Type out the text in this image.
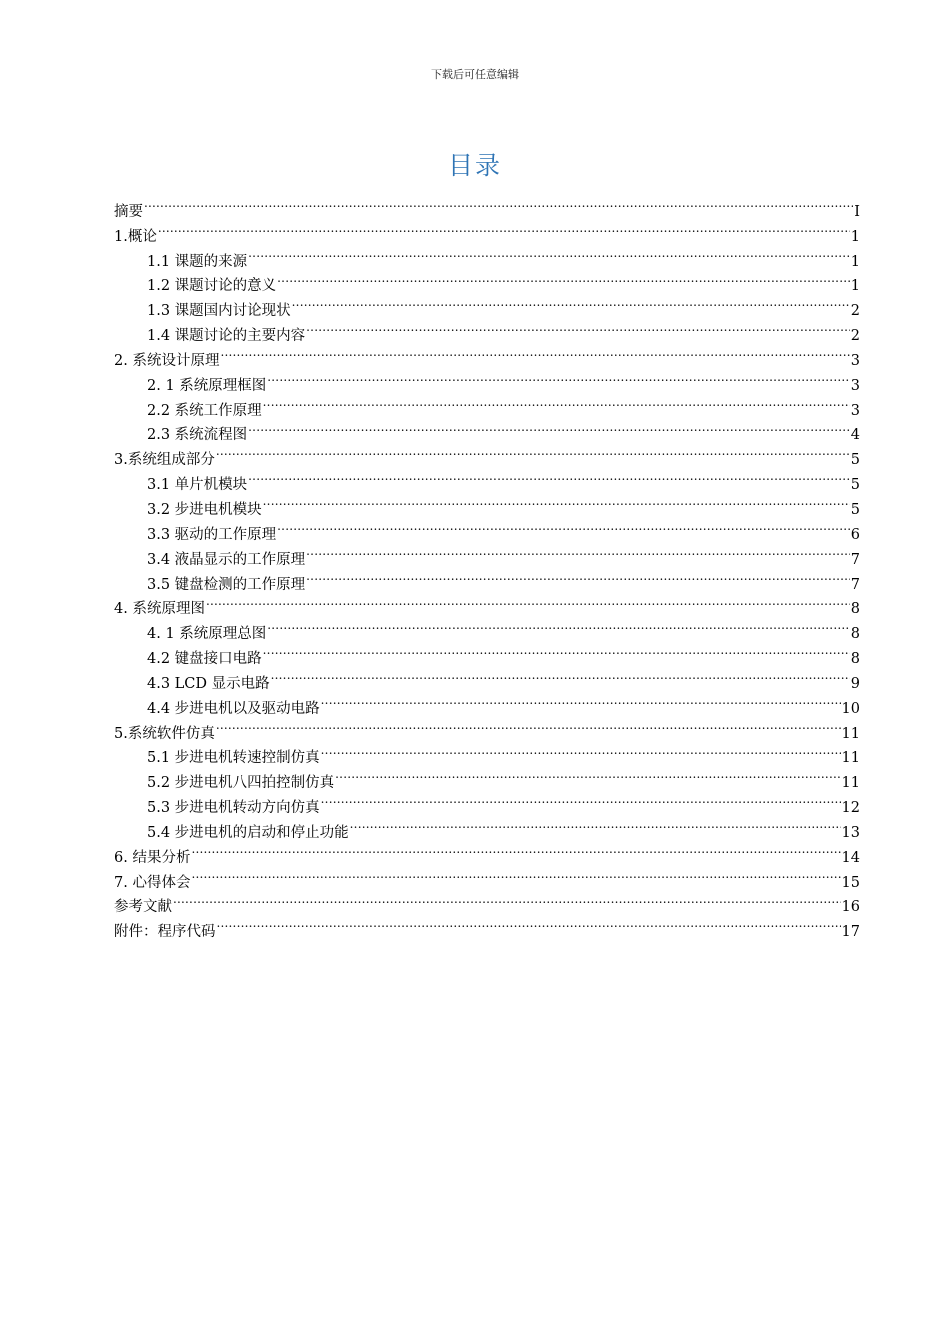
下载后可任意编辑
目录
摘要 .....	I
1.概论 .....	1
1.1 课题的来源 .....	1
1.2 课题讨论的意义 .....	1
1.3 课题国内讨论现状 .....	2
1.4 课题讨论的主要内容 .....	2
2. 系统设计原理 .....	3
2. 1 系统原理框图 .....	3
2.2 系统工作原理 .....	3
2.3 系统流程图 .....	4
3.系统组成部分 .....	5
3.1 单片机模块 .....	5
3.2 步进电机模块 .....	5
3.3 驱动的工作原理 .....	6
3.4 液晶显示的工作原理 .....	7
3.5 键盘检测的工作原理 .....	7
4. 系统原理图 .....	8
4. 1 系统原理总图 .....	8
4.2 键盘接口电路 .....	8
4.3 LCD 显示电路 .....	9
4.4 步进电机以及驱动电路 .....	10
5.系统软件仿真 .....	11
5.1 步进电机转速控制仿真 .....	11
5.2 步进电机八四拍控制仿真 .....	11
5.3 步进电机转动方向仿真 .....	12
5.4 步进电机的启动和停止功能 .....	13
6. 结果分析 .....	14
7. 心得体会 .....	15
参考文献 .....	16
附件：程序代码 .....	17
